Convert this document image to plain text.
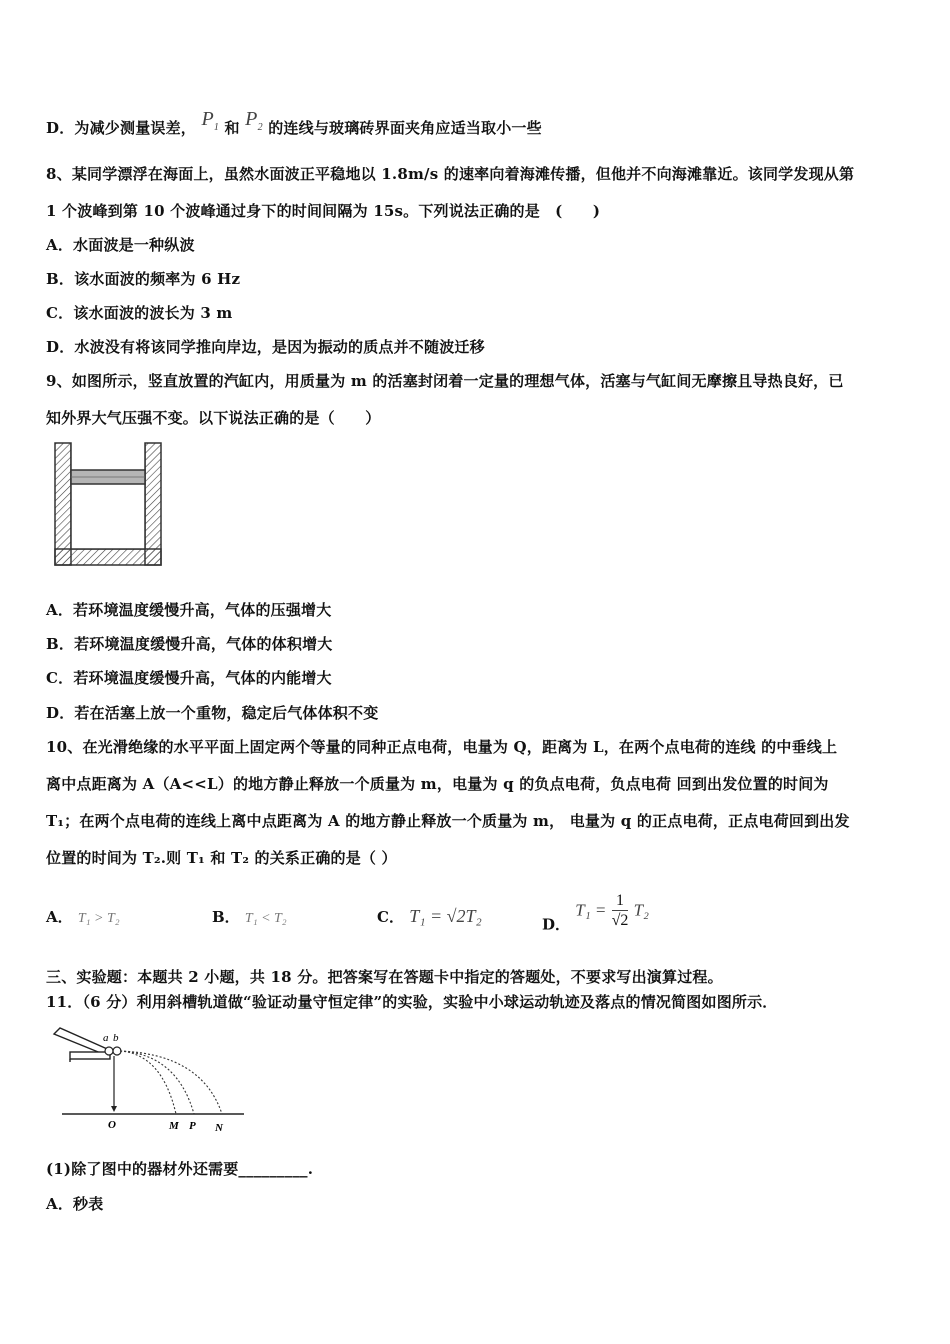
D．为减少测量误差， $P_1$ 和 $P_2$ 的连线与玻璃砖界面夹角应适当取小一些
8、某同学漂浮在海面上，虽然水面波正平稳地以 1.8m/s 的速率向着海滩传播，但他并不向海滩靠近。该同学发现从第
1 个波峰到第 10 个波峰通过身下的时间间隔为 15s。下列说法正确的是　(　　)
A．水面波是一种纵波
B．该水面波的频率为 6 Hz
C．该水面波的波长为 3 m
D．水波没有将该同学推向岸边，是因为振动的质点并不随波迁移
9、如图所示，竖直放置的汽缸内，用质量为 m 的活塞封闭着一定量的理想气体，活塞与气缸间无摩擦且导热良好，已
知外界大气压强不变。以下说法正确的是（　　）
A．若环境温度缓慢升高，气体的压强增大
B．若环境温度缓慢升高，气体的体积增大
C．若环境温度缓慢升高，气体的内能增大
D．若在活塞上放一个重物，稳定后气体体积不变
10、在光滑绝缘的水平平面上固定两个等量的同种正点电荷，电量为 Q，距离为 L，在两个点电荷的连线 的中垂线上
离中点距离为 A（A<<L）的地方静止释放一个质量为 m，电量为 q 的负点电荷，负点电荷 回到出发位置的时间为
T₁；在两个点电荷的连线上离中点距离为 A 的地方静止释放一个质量为 m， 电量为 q 的正点电荷，正点电荷回到出发
位置的时间为 T₂.则 T₁ 和 T₂ 的关系正确的是（ ）
A． T₁ > T₂	B． T₁ < T₂	C． T₁ = √2T₂	D． $T_1 = \frac{1}{√2} T_2$
三、实验题：本题共 2 小题，共 18 分。把答案写在答题卡中指定的答题处，不要求写出演算过程。
11．（6 分）利用斜槽轨道做“验证动量守恒定律”的实验，实验中小球运动轨迹及落点的情况简图如图所示．
a b
O	M P N
(1)除了图中的器材外还需要_________.
A．秒表
